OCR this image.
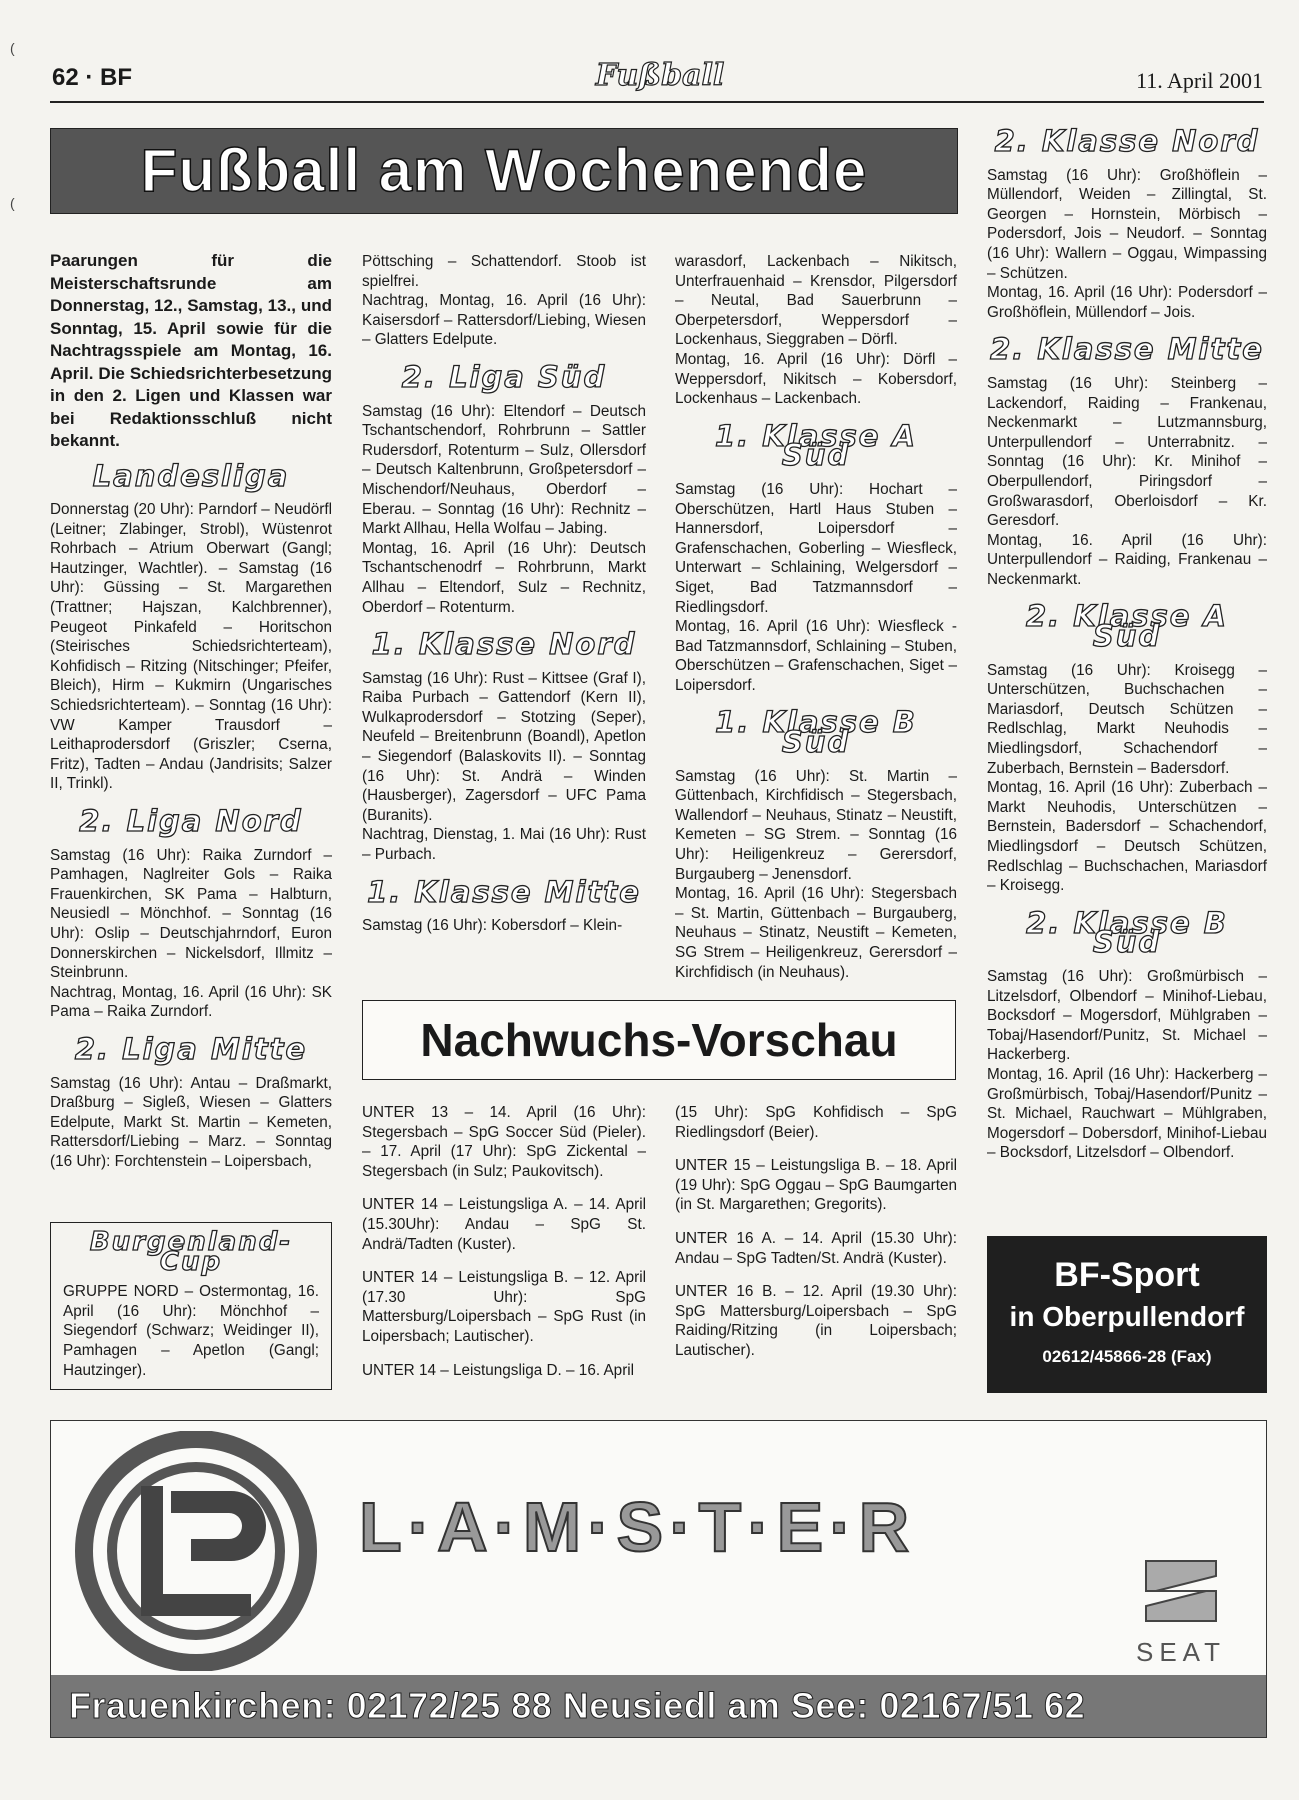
(
(
62 · BF	Fußball	11. April 2001
Fußball am Wochenende

Paarungen für die Meisterschaftsrunde am Donnerstag, 12., Samstag, 13., und Sonntag, 15. April sowie für die Nachtragsspiele am Montag, 16. April. Die Schiedsrichterbesetzung in den 2. Ligen und Klassen war bei Redaktionsschluß nicht bekannt.

Landesliga

Donnerstag (20 Uhr): Parndorf – Neudörfl (Leitner; Zlabinger, Strobl), Wüstenrot Rohrbach – Atrium Oberwart (Gangl; Hautzinger, Wachtler). – Samstag (16 Uhr): Güssing – St. Margarethen (Trattner; Hajszan, Kalchbrenner), Peugeot Pinkafeld – Horitschon (Steirisches Schiedsrichterteam), Kohfidisch – Ritzing (Nitschinger; Pfeifer, Bleich), Hirm – Kukmirn (Ungarisches Schiedsrichterteam). – Sonntag (16 Uhr): VW Kamper Trausdorf – Leithaprodersdorf (Griszler; Cserna, Fritz), Tadten – Andau (Jandrisits; Salzer II, Trinkl).

2. Liga Nord

Samstag (16 Uhr): Raika Zurndorf – Pamhagen, Naglreiter Gols – Raika Frauenkirchen, SK Pama – Halbturn, Neusiedl – Mönchhof. – Sonntag (16 Uhr): Oslip – Deutschjahrndorf, Euron Donnerskirchen – Nickelsdorf, Illmitz – Steinbrunn.

Nachtrag, Montag, 16. April (16 Uhr): SK Pama – Raika Zurndorf.

2. Liga Mitte

Samstag (16 Uhr): Antau – Draßmarkt, Draßburg – Sigleß, Wiesen – Glatters Edelpute, Markt St. Martin – Kemeten, Rattersdorf/Liebing – Marz. – Sonntag (16 Uhr): Forchtenstein – Loipersbach,

Pöttsching – Schattendorf. Stoob ist spielfrei.

Nachtrag, Montag, 16. April (16 Uhr): Kaisersdorf – Rattersdorf/Liebing, Wiesen – Glatters Edelpute.

2. Liga Süd

Samstag (16 Uhr): Eltendorf – Deutsch Tschantschendorf, Rohrbrunn – Sattler Rudersdorf, Rotenturm – Sulz, Ollersdorf – Deutsch Kaltenbrunn, Großpetersdorf – Mischendorf/Neuhaus, Oberdorf – Eberau. – Sonntag (16 Uhr): Rechnitz – Markt Allhau, Hella Wolfau – Jabing.

Montag, 16. April (16 Uhr): Deutsch Tschantschenodrf – Rohrbrunn, Markt Allhau – Eltendorf, Sulz – Rechnitz, Oberdorf – Rotenturm.

1. Klasse Nord

Samstag (16 Uhr): Rust – Kittsee (Graf I), Raiba Purbach – Gattendorf (Kern II), Wulkaprodersdorf – Stotzing (Seper), Neufeld – Breitenbrunn (Boandl), Apetlon – Siegendorf (Balaskovits II). – Sonntag (16 Uhr): St. Andrä – Winden (Hausberger), Zagersdorf – UFC Pama (Buranits).

Nachtrag, Dienstag, 1. Mai (16 Uhr): Rust – Purbach.

1. Klasse Mitte

Samstag (16 Uhr): Kobersdorf – Klein-

warasdorf, Lackenbach – Nikitsch, Unterfrauenhaid – Krensdor, Pilgersdorf – Neutal, Bad Sauerbrunn – Oberpetersdorf, Weppersdorf – Lockenhaus, Sieggraben – Dörfl.

Montag, 16. April (16 Uhr): Dörfl – Weppersdorf, Nikitsch – Kobersdorf, Lockenhaus – Lackenbach.

1. Klasse A Süd

Samstag (16 Uhr): Hochart – Oberschützen, Hartl Haus Stuben – Hannersdorf, Loipersdorf – Grafenschachen, Goberling – Wiesfleck, Unterwart – Schlaining, Welgersdorf – Siget, Bad Tatzmannsdorf – Riedlingsdorf.

Montag, 16. April (16 Uhr): Wiesfleck - Bad Tatzmannsdorf, Schlaining – Stuben, Oberschützen – Grafenschachen, Siget – Loipersdorf.

1. Klasse B Süd

Samstag (16 Uhr): St. Martin – Güttenbach, Kirchfidisch – Stegersbach, Wallendorf – Neuhaus, Stinatz – Neustift, Kemeten – SG Strem. – Sonntag (16 Uhr): Heiligenkreuz – Gerersdorf, Burgauberg – Jenensdorf.

Montag, 16. April (16 Uhr): Stegersbach – St. Martin, Güttenbach – Burgauberg, Neuhaus – Stinatz, Neustift – Kemeten, SG Strem – Heiligenkreuz, Gerersdorf – Kirchfidisch (in Neuhaus).

2. Klasse Nord

Samstag (16 Uhr): Großhöflein – Müllendorf, Weiden – Zillingtal, St. Georgen – Hornstein, Mörbisch – Podersdorf, Jois – Neudorf. – Sonntag (16 Uhr): Wallern – Oggau, Wimpassing – Schützen.

Montag, 16. April (16 Uhr): Podersdorf – Großhöflein, Müllendorf – Jois.

2. Klasse Mitte

Samstag (16 Uhr): Steinberg – Lackendorf, Raiding – Frankenau, Neckenmarkt – Lutzmannsburg, Unterpullendorf – Unterrabnitz. – Sonntag (16 Uhr): Kr. Minihof – Oberpullendorf, Piringsdorf – Großwarasdorf, Oberloisdorf – Kr. Geresdorf.

Montag, 16. April (16 Uhr): Unterpullendorf – Raiding, Frankenau – Neckenmarkt.

2. Klasse A Süd

Samstag (16 Uhr): Kroisegg – Unterschützen, Buchschachen – Mariasdorf, Deutsch Schützen – Redlschlag, Markt Neuhodis – Miedlingsdorf, Schachendorf – Zuberbach, Bernstein – Badersdorf.

Montag, 16. April (16 Uhr): Zuberbach – Markt Neuhodis, Unterschützen – Bernstein, Badersdorf – Schachendorf, Miedlingsdorf – Deutsch Schützen, Redlschlag – Buchschachen, Mariasdorf – Kroisegg.

2. Klasse B Süd

Samstag (16 Uhr): Großmürbisch – Litzelsdorf, Olbendorf – Minihof-Liebau, Bocksdorf – Mogersdorf, Mühlgraben – Tobaj/Hasendorf/Punitz, St. Michael – Hackerberg.

Montag, 16. April (16 Uhr): Hackerberg – Großmürbisch, Tobaj/Hasendorf/Punitz – St. Michael, Rauchwart – Mühlgraben, Mogersdorf – Dobersdorf, Minihof-Liebau – Bocksdorf, Litzelsdorf – Olbendorf.

Nachwuchs-Vorschau

UNTER 13 – 14. April (16 Uhr): Stegersbach – SpG Soccer Süd (Pieler). – 17. April (17 Uhr): SpG Zickental – Stegersbach (in Sulz; Paukovitsch).

UNTER 14 – Leistungsliga A. – 14. April (15.30Uhr): Andau – SpG St. Andrä/Tadten (Kuster).

UNTER 14 – Leistungsliga B. – 12. April (17.30 Uhr): SpG Mattersburg/Loipersbach – SpG Rust (in Loipersbach; Lautischer).

UNTER 14 – Leistungsliga D. – 16. April

(15 Uhr): SpG Kohfidisch – SpG Riedlingsdorf (Beier).

UNTER 15 – Leistungsliga B. – 18. April (19 Uhr): SpG Oggau – SpG Baumgarten (in St. Margarethen; Gregorits).

UNTER 16 A. – 14. April (15.30 Uhr): Andau – SpG Tadten/St. Andrä (Kuster).

UNTER 16 B. – 12. April (19.30 Uhr): SpG Mattersburg/Loipersbach – SpG Raiding/Ritzing (in Loipersbach; Lautischer).

Burgenland-Cup

GRUPPE NORD – Ostermontag, 16. April (16 Uhr): Mönchhof – Siegendorf (Schwarz; Weidinger II), Pamhagen – Apetlon (Gangl; Hautzinger).

BF-Sport
in Oberpullendorf
02612/45866-28 (Fax)
L·A·M·S·T·E·R
SEAT
Frauenkirchen: 02172/25 88 Neusiedl am See: 02167/51 62
